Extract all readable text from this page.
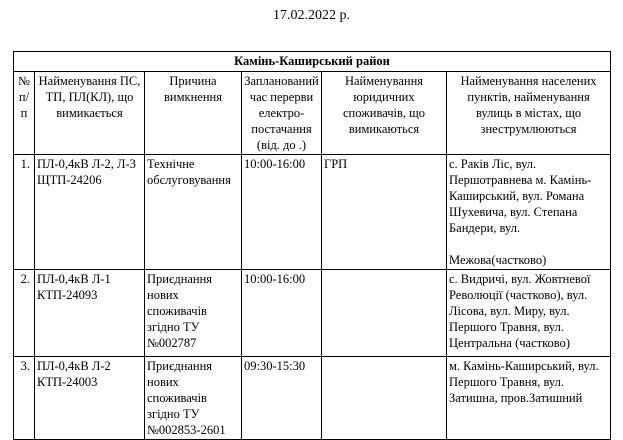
17.02.2022 р.
Камінь-Каширський район					
№ п/п	Найменування ПС, ТП, ПЛ(КЛ), що вимикається	Причина вимкнення	Запланований час перерви електро-постачання (від. до .)	Найменування юридичних споживачів, що вимикаються	Найменування населених пунктів, найменування вулиць в містах, що знеструмлюються
1.	ПЛ-0,4кВ Л-2, Л-3 ЩТП-24206	Технічне обслуговування	10:00-16:00	ГРП	с. Раків Ліс, вул. Першотравнева м. Камінь-Каширський, вул. Романа Шухевича, вул. Степана Бандери, вул.
Межова(частково)

2.	ПЛ-0,4кВ Л-1 КТП-24093	Приєднання нових споживачів згідно ТУ №002787	10:00-16:00		с. Видричі, вул. Жовтневої Революції (частково), вул. Лісова, вул. Миру, вул. Першого Травня, вул. Центральна (частково)
3.	ПЛ-0,4кВ Л-2 КТП-24003	Приєднання нових споживачів згідно ТУ №002853-2601	09:30-15:30		м. Камінь-Каширський, вул. Першого Травня, вул. Затишна, пров.Затишний
